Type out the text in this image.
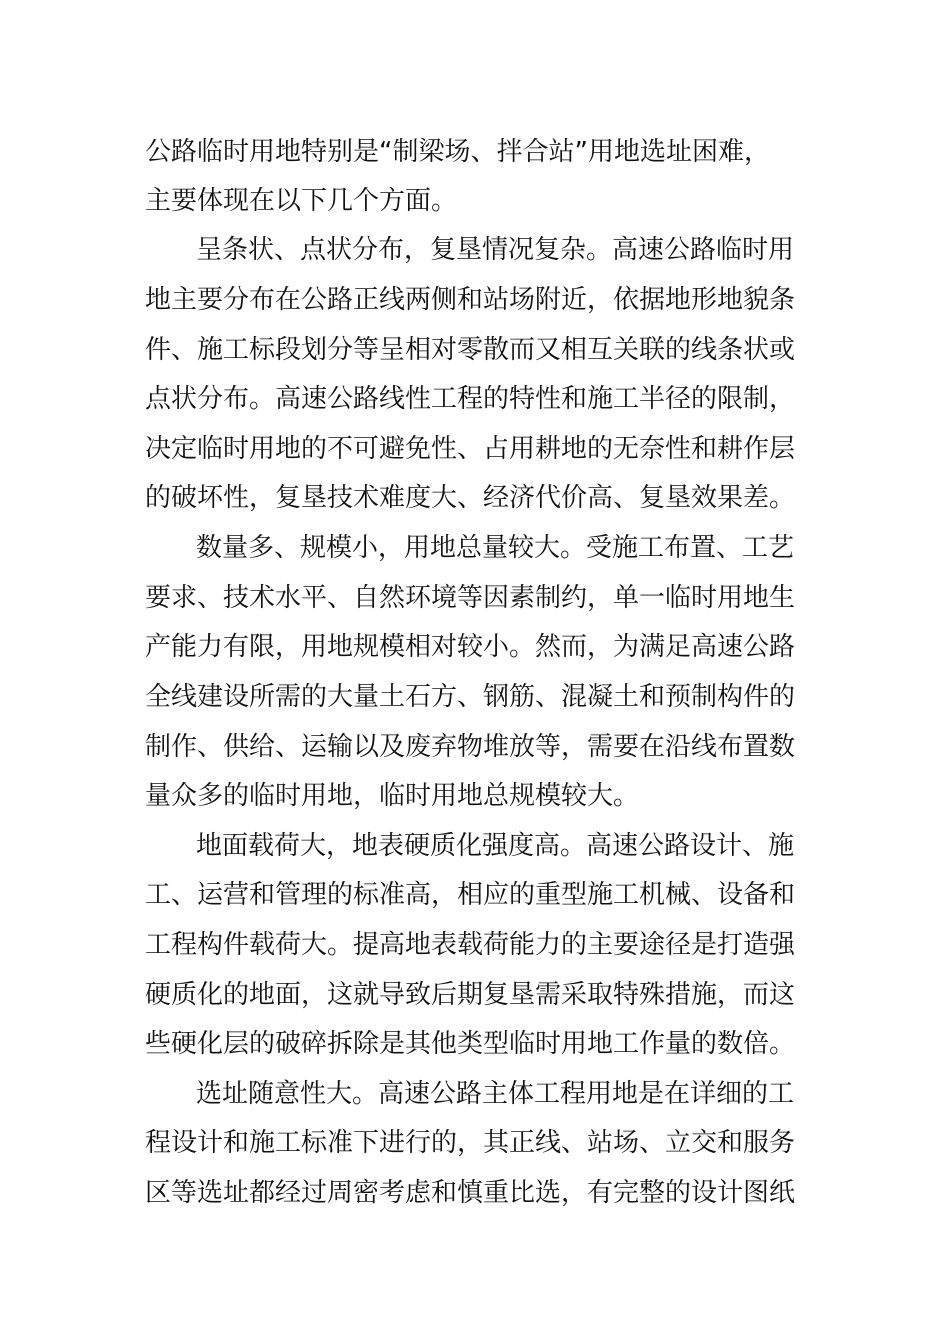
公路临时用地特别是“制梁场、拌合站”用地选址困难，
主要体现在以下几个方面。
呈条状、点状分布，复垦情况复杂。高速公路临时用
地主要分布在公路正线两侧和站场附近，依据地形地貌条
件、施工标段划分等呈相对零散而又相互关联的线条状或
点状分布。高速公路线性工程的特性和施工半径的限制，
决定临时用地的不可避免性、占用耕地的无奈性和耕作层
的破坏性，复垦技术难度大、经济代价高、复垦效果差。
数量多、规模小，用地总量较大。受施工布置、工艺
要求、技术水平、自然环境等因素制约，单一临时用地生
产能力有限，用地规模相对较小。然而，为满足高速公路
全线建设所需的大量土石方、钢筋、混凝土和预制构件的
制作、供给、运输以及废弃物堆放等，需要在沿线布置数
量众多的临时用地，临时用地总规模较大。
地面载荷大，地表硬质化强度高。高速公路设计、施
工、运营和管理的标准高，相应的重型施工机械、设备和
工程构件载荷大。提高地表载荷能力的主要途径是打造强
硬质化的地面，这就导致后期复垦需采取特殊措施，而这
些硬化层的破碎拆除是其他类型临时用地工作量的数倍。
选址随意性大。高速公路主体工程用地是在详细的工
程设计和施工标准下进行的，其正线、站场、立交和服务
区等选址都经过周密考虑和慎重比选，有完整的设计图纸
